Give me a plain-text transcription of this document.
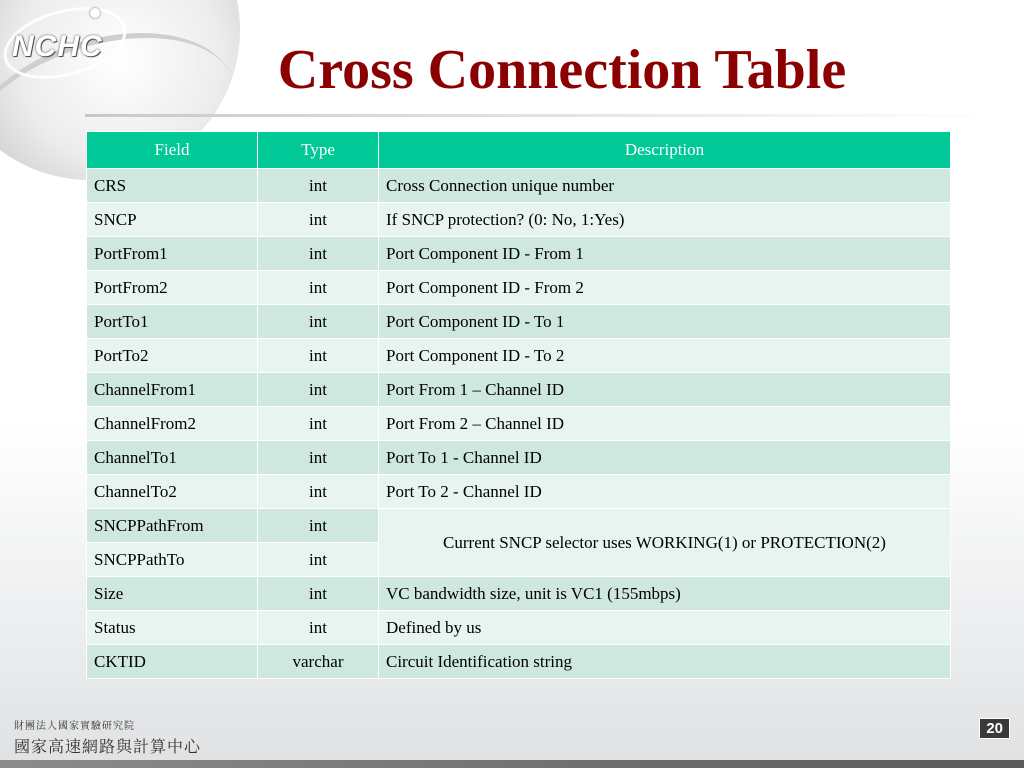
NCHC	Cross Connection Table
Field	Type	Description
CRS	int	Cross Connection unique number
SNCP	int	If SNCP protection? (0: No, 1:Yes)
PortFrom1	int	Port Component ID - From 1
PortFrom2	int	Port Component ID - From 2
PortTo1	int	Port Component ID - To 1
PortTo2	int	Port Component ID - To 2
ChannelFrom1	int	Port From 1 – Channel ID
ChannelFrom2	int	Port From 2 – Channel ID
ChannelTo1	int	Port To 1 - Channel ID
ChannelTo2	int	Port To 2 - Channel ID
SNCPPathFrom	int	Current SNCP selector uses WORKING(1) or PROTECTION(2)
SNCPPathTo	int	
Size	int	VC bandwidth size, unit is VC1 (155mbps)
Status	int	Defined by us
CKTID	varchar	Circuit Identification string
財團法人國家實驗研究院
國家高速網路與計算中心
20
